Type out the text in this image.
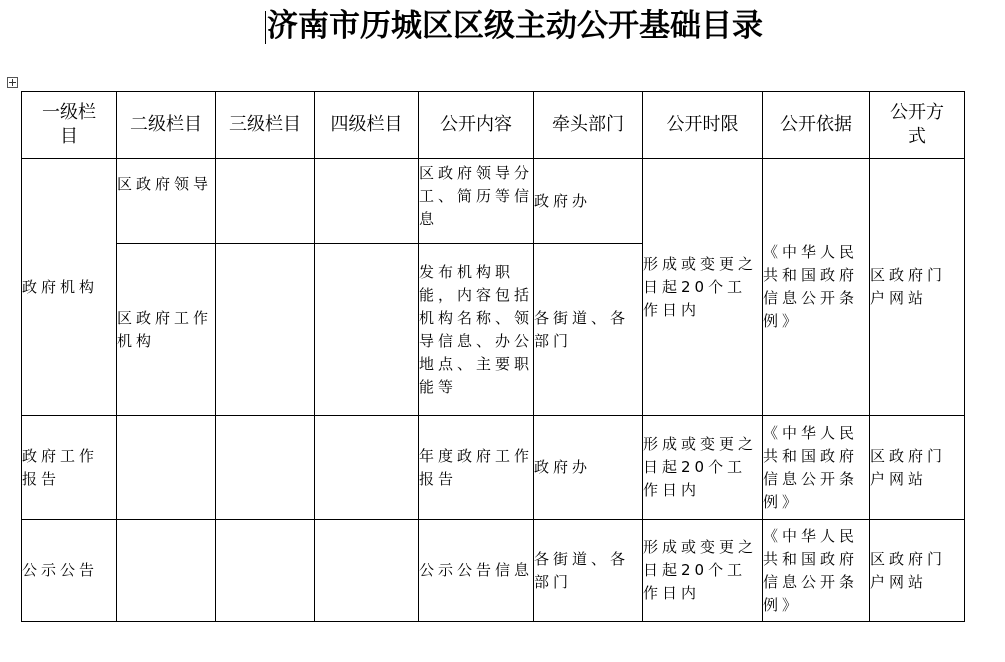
济南市历城区区级主动公开基础目录
一级栏目	二级栏目	三级栏目	四级栏目	公开内容	牵头部门	公开时限	公开依据	公开方式
政府机构	区政府领导			区政府领导分工、简历等信息	政府办	形成或变更之日起20个工作日内	《中华人民共和国政府信息公开条例》	区政府门户网站
	区政府工作机构			发布机构职能，内容包括机构名称、领导信息、办公地点、主要职能等	各街道、各部门			
政府工作报告				年度政府工作报告	政府办	形成或变更之日起20个工作日内	《中华人民共和国政府信息公开条例》	区政府门户网站
公示公告				公示公告信息	各街道、各部门	形成或变更之日起20个工作日内	《中华人民共和国政府信息公开条例》	区政府门户网站
